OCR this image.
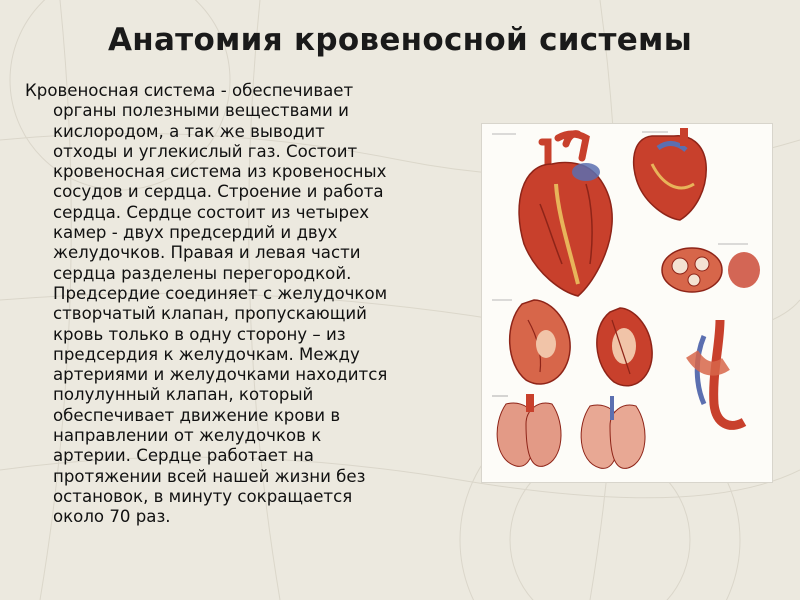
Анатомия кровеносной системы
Кровеносная система - обеспечивает
органы полезными веществами и
кислородом, а так же выводит
отходы и углекислый газ. Состоит
кровеносная система из кровеносных
сосудов и сердца. Строение и работа
сердца. Сердце состоит из четырех
камер - двух предсердий и двух
желудочков. Правая и левая части
сердца разделены перегородкой.
Предсердие соединяет с желудочком
створчатый клапан, пропускающий
кровь только в одну сторону – из
предсердия к желудочкам. Между
артериями и желудочками находится
полулунный клапан, который
обеспечивает движение крови в
направлении от желудочков к
артерии. Сердце работает на
протяжении всей нашей жизни без
остановок, в минуту сокращается
около 70 раз.
